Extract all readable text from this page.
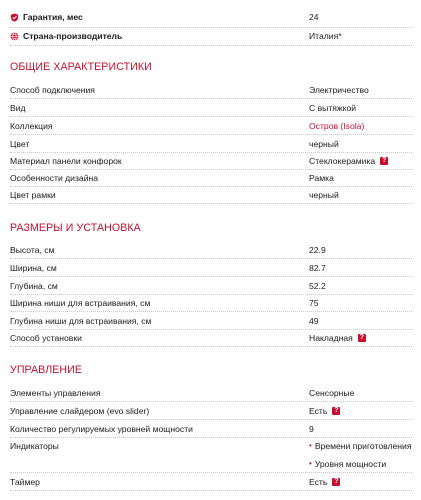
Гарантия, мес	24
Страна-производитель	Италия*
ОБЩИЕ ХАРАКТЕРИСТИКИ
Способ подключения	Электричество
Вид	С вытяжкой
Коллекция	Остров (Isola)
Цвет	черный
Материал панели конфорок	Стеклокерамика ?
Особенности дизайна	Рамка
Цвет рамки	черный
РАЗМЕРЫ И УСТАНОВКА
Высота, см	22.9
Ширина, см	82.7
Глубина, см	52.2
Ширина ниши для встраивания, см	75
Глубина ниши для встраивания, см	49
Способ установки	Накладная ?
УПРАВЛЕНИЕ
Элементы управления	Сенсорные
Управление слайдером (evo slider)	Есть ?
Количество регулируемых уровней мощности	9
Индикаторы	• Времени приготовления
• Уровня мощности
Таймер	Есть ?
